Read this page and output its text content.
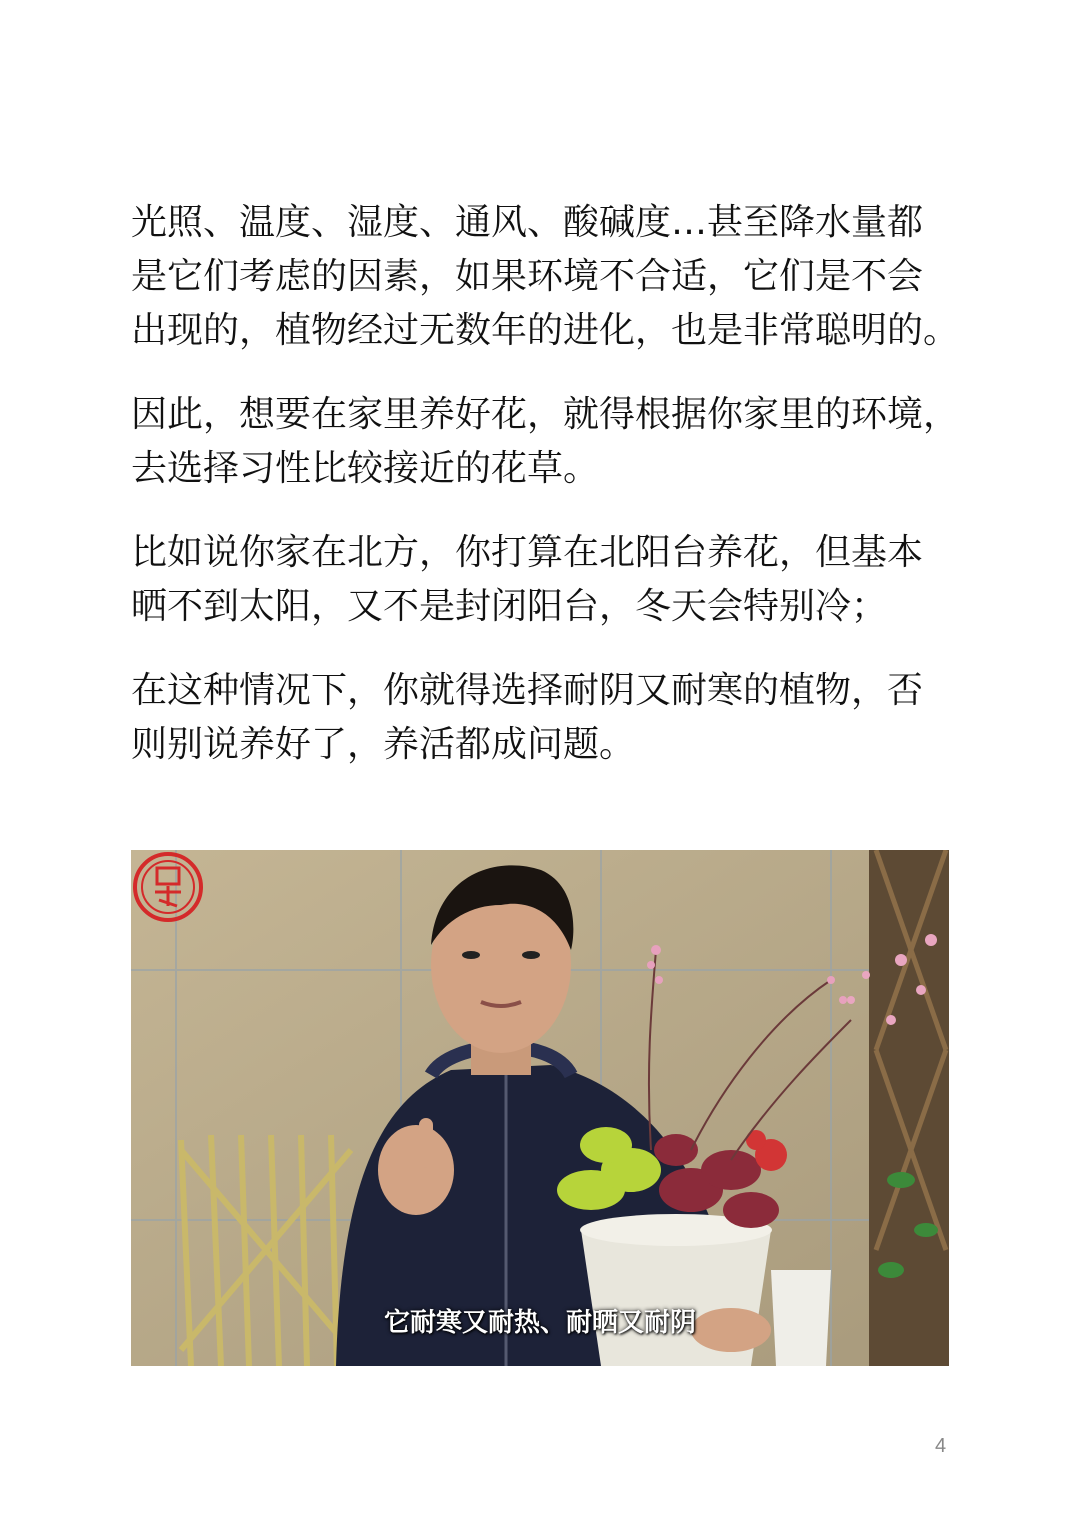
光照、温度、湿度、通风、酸碱度…甚至降水量都
是它们考虑的因素，如果环境不合适，它们是不会
出现的，植物经过无数年的进化，也是非常聪明的。

因此，想要在家里养好花，就得根据你家里的环境，
去选择习性比较接近的花草。

比如说你家在北方，你打算在北阳台养花，但基本
晒不到太阳，又不是封闭阳台，冬天会特别冷；

在这种情况下，你就得选择耐阴又耐寒的植物，否
则别说养好了，养活都成问题。

它耐寒又耐热、耐晒又耐阴
4
